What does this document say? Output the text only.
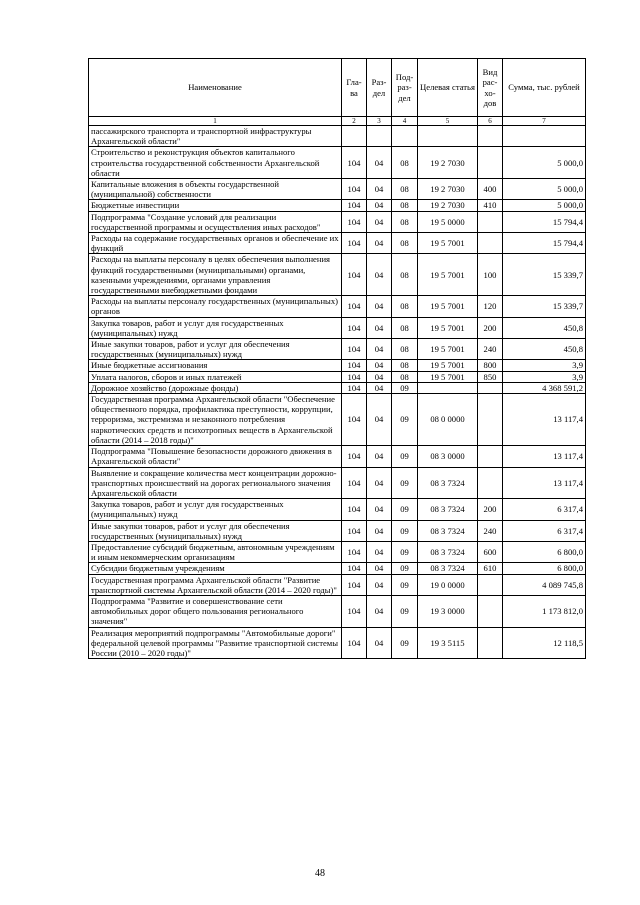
Наименование	Гла-ва	Раз-дел	Под-раз-дел	Целевая статья	Вид рас-хо-дов	Сумма, тыс. рублей
1	2	3	4	5	6	7
пассажирского транспорта и транспортной инфраструктуры Архангельской области"						
Строительство и реконструкция объектов капитального строительства государственной собственности Архангельской области	104	04	08	19 2 7030		5 000,0
Капитальные вложения в объекты государственной (муниципальной) собственности	104	04	08	19 2 7030	400	5 000,0
Бюджетные инвестиции	104	04	08	19 2 7030	410	5 000,0
Подпрограмма "Создание условий для реализации государственной программы и осуществления иных расходов"	104	04	08	19 5 0000		15 794,4
Расходы на содержание государственных органов и обеспечение их функций	104	04	08	19 5 7001		15 794,4
Расходы на выплаты персоналу в целях обеспечения выполнения функций государственными (муниципальными) органами, казенными учреждениями, органами управления государственными внебюджетными фондами	104	04	08	19 5 7001	100	15 339,7
Расходы на выплаты персоналу государственных (муниципальных) органов	104	04	08	19 5 7001	120	15 339,7
Закупка товаров, работ и услуг для государственных (муниципальных) нужд	104	04	08	19 5 7001	200	450,8
Иные закупки товаров, работ и услуг для обеспечения государственных (муниципальных) нужд	104	04	08	19 5 7001	240	450,8
Иные бюджетные ассигнования	104	04	08	19 5 7001	800	3,9
Уплата налогов, сборов и иных платежей	104	04	08	19 5 7001	850	3,9
Дорожное хозяйство (дорожные фонды)	104	04	09			4 368 591,2
Государственная программа Архангельской области "Обеспечение общественного порядка, профилактика преступности, коррупции, терроризма, экстремизма и незаконного потребления наркотических средств и психотропных веществ в Архангельской области (2014 – 2018 годы)"	104	04	09	08 0 0000		13 117,4
Подпрограмма "Повышение безопасности дорожного движения в Архангельской области"	104	04	09	08 3 0000		13 117,4
Выявление и сокращение количества мест концентрации дорожно-транспортных происшествий на дорогах регионального значения Архангельской области	104	04	09	08 3 7324		13 117,4
Закупка товаров, работ и услуг для государственных (муниципальных) нужд	104	04	09	08 3 7324	200	6 317,4
Иные закупки товаров, работ и услуг для обеспечения государственных (муниципальных) нужд	104	04	09	08 3 7324	240	6 317,4
Предоставление субсидий бюджетным, автономным учреждениям и иным некоммерческим организациям	104	04	09	08 3 7324	600	6 800,0
Субсидии бюджетным учреждениям	104	04	09	08 3 7324	610	6 800,0
Государственная программа Архангельской области "Развитие транспортной системы Архангельской области (2014 – 2020 годы)"	104	04	09	19 0 0000		4 089 745,8
Подпрограмма "Развитие и совершенствование сети автомобильных дорог общего пользования регионального значения"	104	04	09	19 3 0000		1 173 812,0
Реализация мероприятий подпрограммы "Автомобильные дороги" федеральной целевой программы "Развитие транспортной системы России (2010 – 2020 годы)"	104	04	09	19 3 5115		12 118,5
48
